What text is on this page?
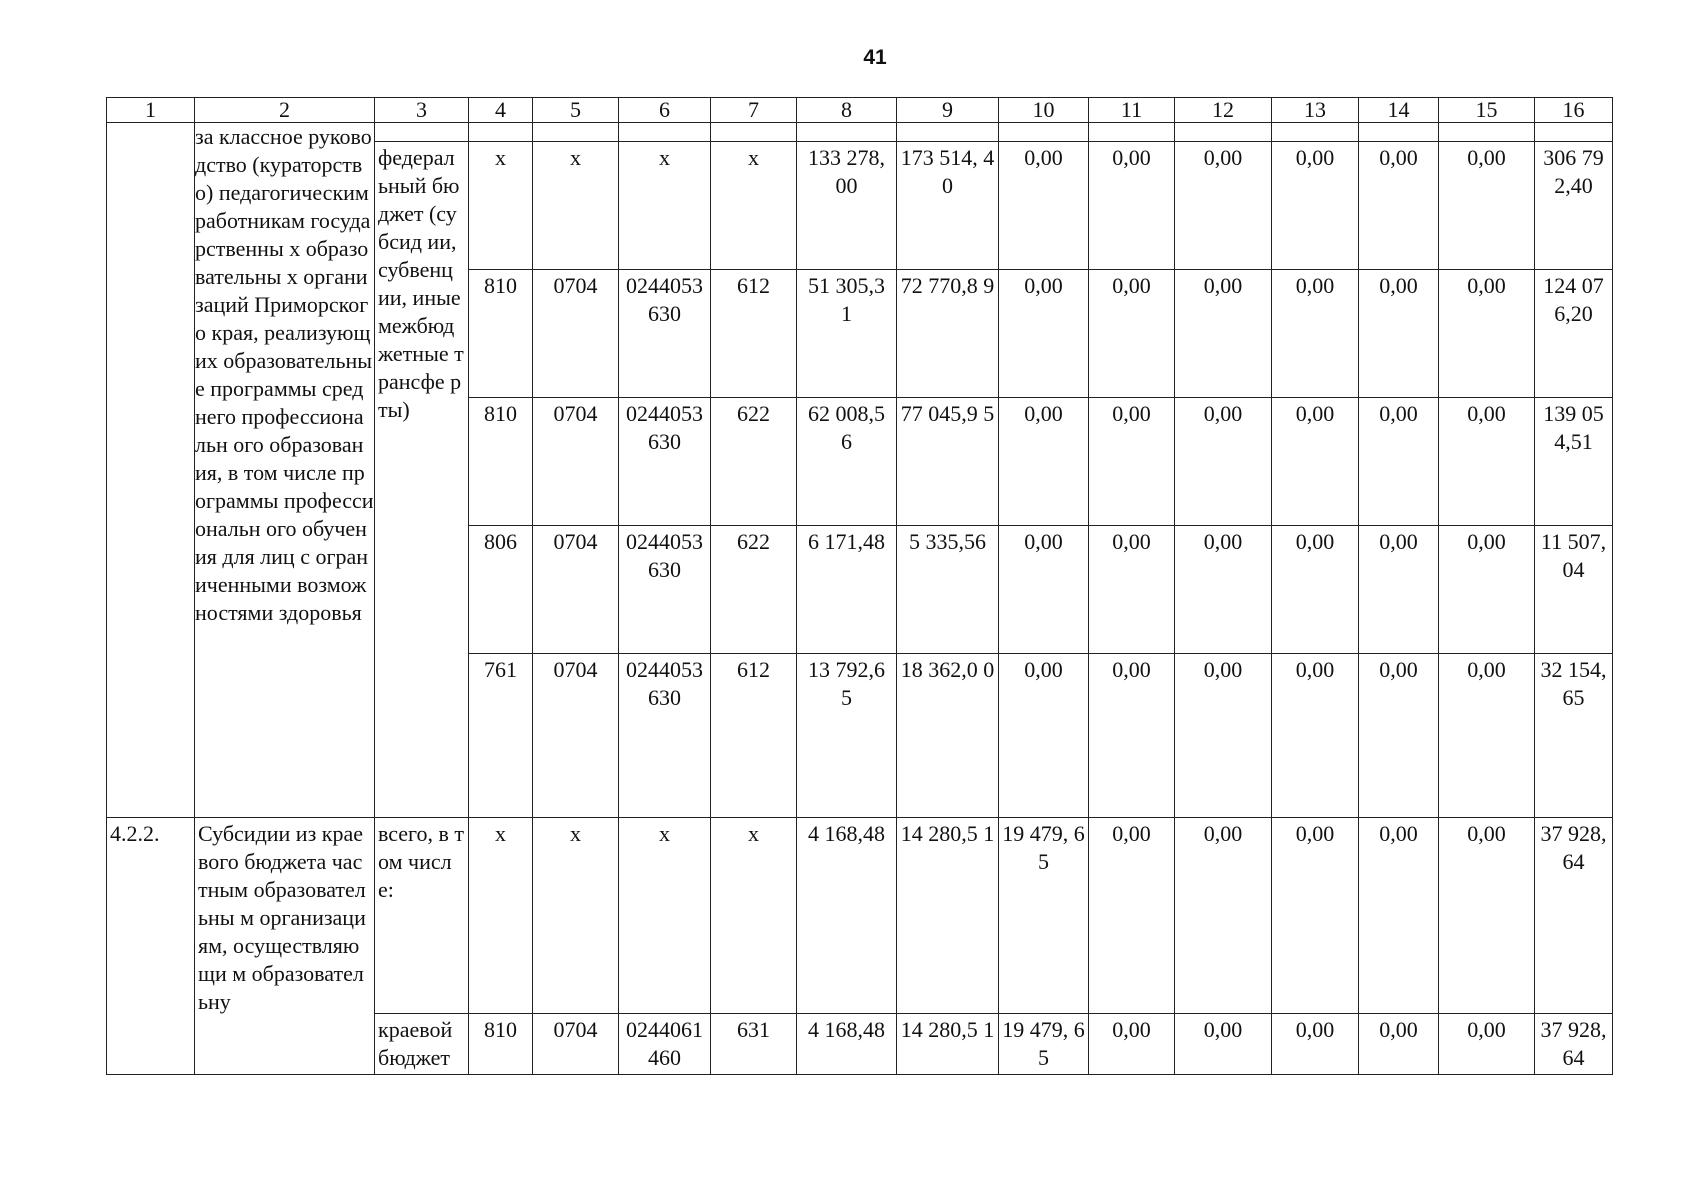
41
1	2	3	4	5	6	7	8	9	10	11	12	13	14	15	16
	за классное руководство (кураторство) педагогическим работникам государственны х образовательны х организаций Приморского края, реализующих образовательны е программы среднего профессиональн ого образования, в том числе программы профессиональн ого обучения для лиц с ограниченными возможностями здоровья														
		федерал ьный бюджет (субсид ии, субвенц ии, иные межбюд жетные трансфе рты)	х	х	х	х	133 278, 00	173 514, 40	0,00	0,00	0,00	0,00	0,00	0,00	306 79 2,40
			810	0704	0244053 630	612	51 305,3 1	72 770,8 9	0,00	0,00	0,00	0,00	0,00	0,00	124 07 6,20
			810	0704	0244053 630	622	62 008,5 6	77 045,9 5	0,00	0,00	0,00	0,00	0,00	0,00	139 05 4,51
			806	0704	0244053 630	622	6 171,48	5 335,56	0,00	0,00	0,00	0,00	0,00	0,00	11 507, 04
			761	0704	0244053 630	612	13 792,6 5	18 362,0 0	0,00	0,00	0,00	0,00	0,00	0,00	32 154, 65
4.2.2.	Субсидии из краевого бюджета частным образовательны м организациям, осуществляющи м образовательну	всего, в том числе:	х	х	х	х	4 168,48	14 280,5 1	19 479, 65	0,00	0,00	0,00	0,00	0,00	37 928, 64
		краевой бюджет	810	0704	0244061 460	631	4 168,48	14 280,5 1	19 479, 65	0,00	0,00	0,00	0,00	0,00	37 928, 64
